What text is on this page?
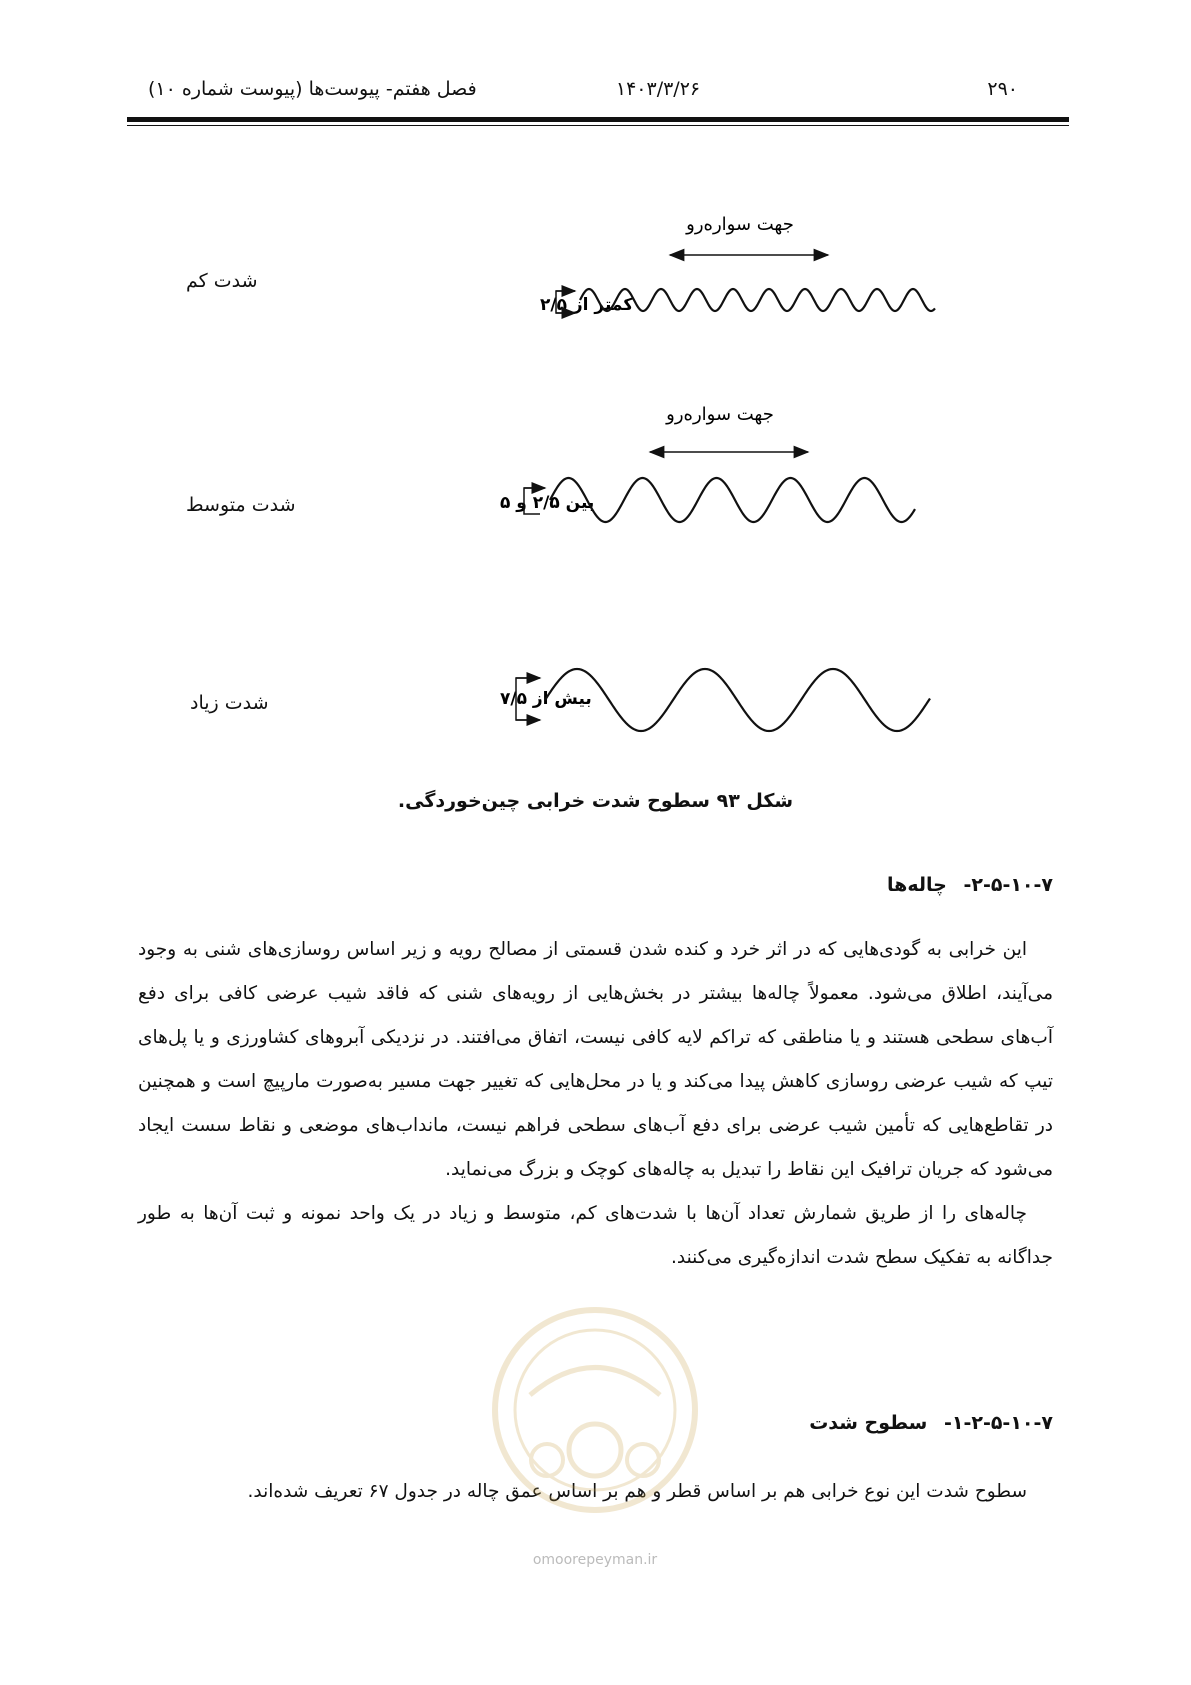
فصل هفتم- پیوست‌ها (پیوست شماره ۱۰)	۱۴۰۳/۳/۲۶	۲۹۰
شدت کم
شدت متوسط
شدت زیاد
جهت سواره‌رو
کمتر از ۲/۵
جهت سواره‌رو
بین ۲/۵ و ۵
بیش از ۷/۵
شکل ۹۳ سطوح شدت خرابی چین‌خوردگی.
۲-۵-۱۰-۷- چاله‌ها

این خرابی به گودی‌هایی که در اثر خرد و کنده شدن قسمتی از مصالح رویه و زیر اساس روسازی‌های شنی به وجود می‌آیند، اطلاق می‌شود. معمولاً چاله‌ها بیشتر در بخش‌هایی از رویه‌های شنی که فاقد شیب عرضی کافی برای دفع آب‌های سطحی هستند و یا مناطقی که تراکم لایه کافی نیست، اتفاق می‌افتند. در نزدیکی آبروهای کشاورزی و یا پل‌های تیپ که شیب عرضی روسازی کاهش پیدا می‌کند و یا در محل‌هایی که تغییر جهت مسیر به‌صورت مارپیچ است و همچنین در تقاطع‌هایی که تأمین شیب عرضی برای دفع آب‌های سطحی فراهم نیست، مانداب‌های موضعی و نقاط سست ایجاد می‌شود که جریان ترافیک این نقاط را تبدیل به چاله‌های کوچک و بزرگ می‌نماید.

چاله‌های را از طریق شمارش تعداد آن‌ها با شدت‌های کم، متوسط و زیاد در یک واحد نمونه و ثبت آن‌ها به طور جداگانه به تفکیک سطح شدت اندازه‌گیری می‌کنند.

۱-۲-۵-۱۰-۷- سطوح شدت

سطوح شدت این نوع خرابی هم بر اساس قطر و هم بر اساس عمق چاله در جدول ۶۷ تعریف شده‌اند.

omoorepeyman.ir
